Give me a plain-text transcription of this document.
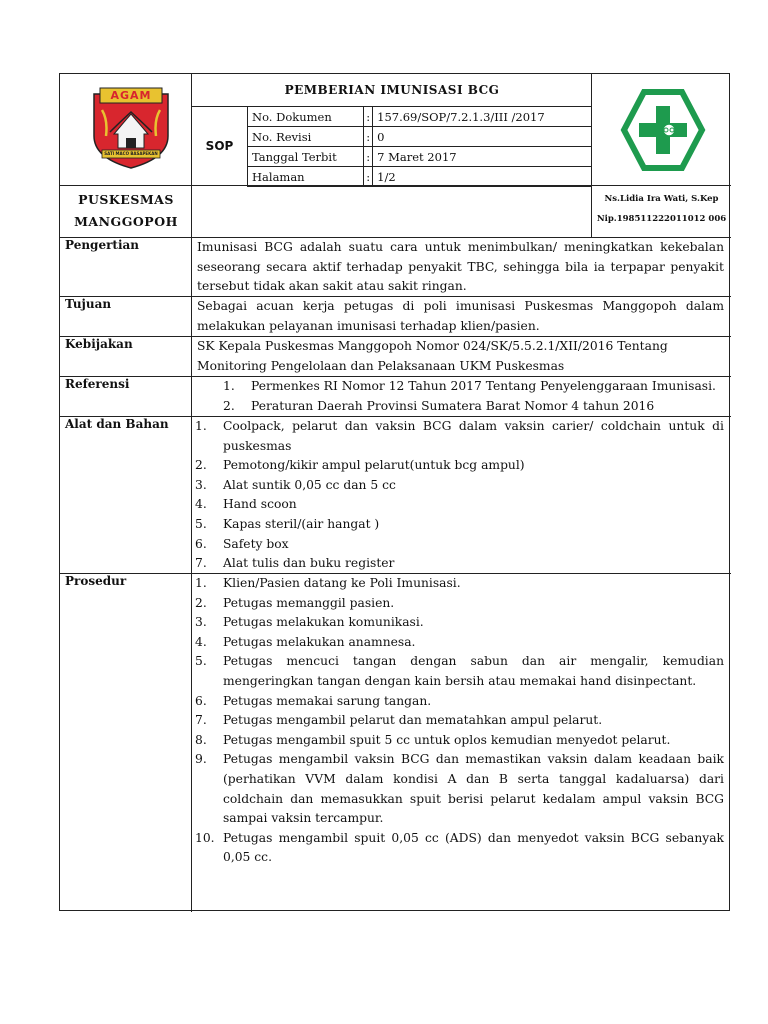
AGAM
SATI MACO BASAPEKAN
PEMBERIAN IMUNISASI BCG
SOP
No. Dokumen	:	157.69/SOP/7.2.1.3/III /2017
No. Revisi	:	0
Tanggal Terbit	:	7 Maret 2017
Halaman	:	1/2
PUSKESMAS
MANGGOPOH
Ns.Lidia Ira Wati, S.Kep
Nip.198511222011012 006
Pengertian	Imunisasi BCG adalah suatu cara untuk menimbulkan/ meningkatkan kekebalan seseorang secara aktif terhadap penyakit TBC, sehingga bila ia terpapar penyakit tersebut tidak akan sakit atau sakit ringan.
Tujuan	Sebagai acuan kerja petugas di poli imunisasi Puskesmas Manggopoh dalam melakukan pelayanan imunisasi terhadap klien/pasien.
Kebijakan	SK Kepala Puskesmas Manggopoh Nomor 024/SK/5.5.2.1/XII/2016 Tentang Monitoring Pengelolaan dan Pelaksanaan UKM Puskesmas
Referensi	1. Permenkes RI Nomor 12 Tahun 2017 Tentang Penyelenggaraan Imunisasi.
2. Peraturan Daerah Provinsi Sumatera Barat Nomor 4 tahun 2016
Alat dan Bahan 1. Coolpack, pelarut dan vaksin BCG dalam vaksin carier/ coldchain untuk di puskesmas
2. Pemotong/kikir ampul pelarut(untuk bcg ampul)
3. Alat suntik 0,05 cc dan 5 cc
4. Hand scoon
5. Kapas steril/(air hangat )
6. Safety box
7. Alat tulis dan buku register
Prosedur	1. Klien/Pasien datang ke Poli Imunisasi.
2. Petugas memanggil pasien.
3. Petugas melakukan komunikasi.
4. Petugas melakukan anamnesa.
5. Petugas mencuci tangan dengan sabun dan air mengalir, kemudian mengeringkan tangan dengan kain bersih atau memakai hand disinpectant.
6. Petugas memakai sarung tangan.
7. Petugas mengambil pelarut dan mematahkan ampul pelarut.
8. Petugas mengambil spuit 5 cc untuk oplos kemudian menyedot pelarut.
9. Petugas mengambil vaksin BCG dan memastikan vaksin dalam keadaan baik (perhatikan VVM dalam kondisi A dan B serta tanggal kadaluarsa) dari coldchain dan memasukkan spuit berisi pelarut kedalam ampul vaksin BCG sampai vaksin tercampur.
10. Petugas mengambil spuit 0,05 cc (ADS) dan menyedot vaksin BCG sebanyak 0,05 cc.
